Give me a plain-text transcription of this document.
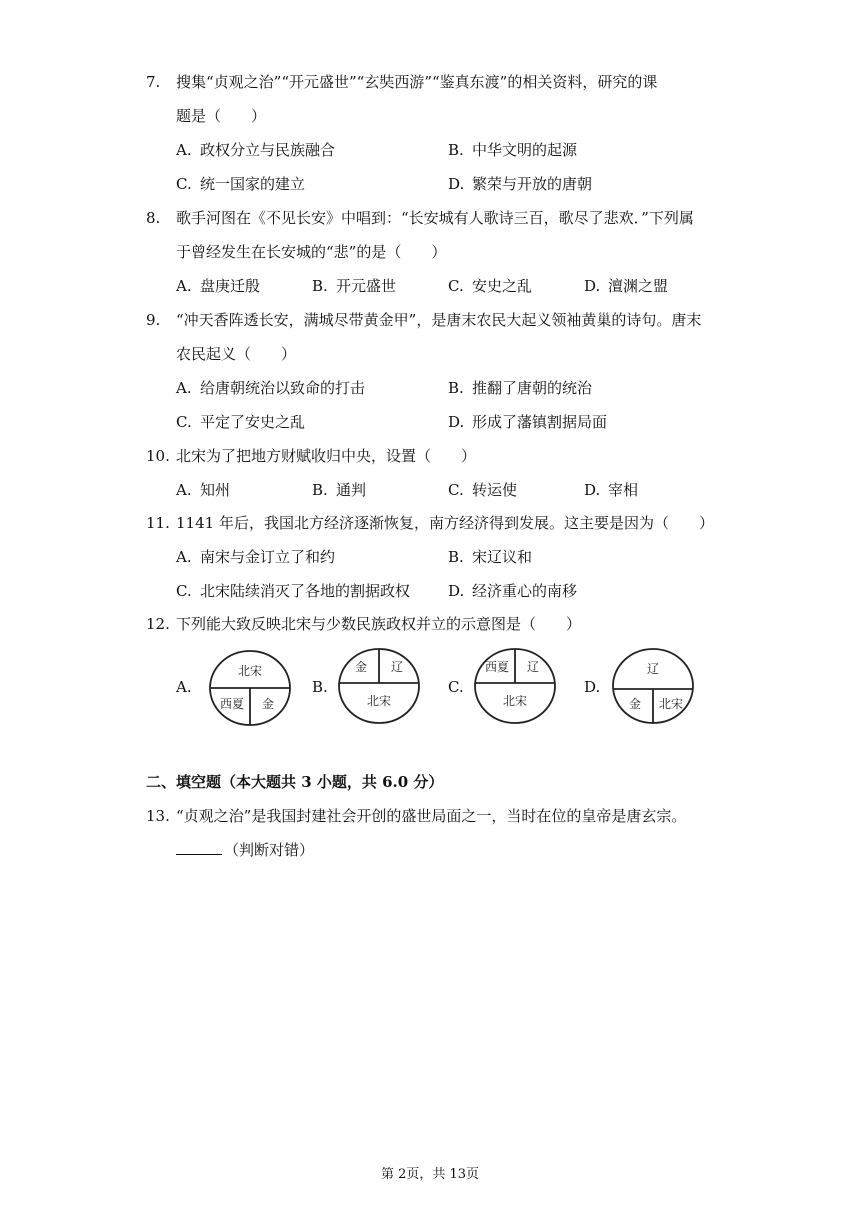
7. 搜集“贞观之治”“开元盛世”“玄奘西游”“鉴真东渡”的相关资料，研究的课
题是（　　）
A. 政权分立与民族融合	B. 中华文明的起源
C. 统一国家的建立	D. 繁荣与开放的唐朝
8. 歌手河图在《不见长安》中唱到：“长安城有人歌诗三百，歌尽了悲欢．”下列属
于曾经发生在长安城的“悲”的是（　　）
A. 盘庚迁殷	B. 开元盛世	C. 安史之乱	D. 澶渊之盟
9. “冲天香阵透长安，满城尽带黄金甲”，是唐末农民大起义领袖黄巢的诗句。唐末
农民起义（　　）
A. 给唐朝统治以致命的打击	B. 推翻了唐朝的统治
C. 平定了安史之乱	D. 形成了藩镇割据局面
10. 北宋为了把地方财赋收归中央，设置（　　）
A. 知州	B. 通判	C. 转运使	D. 宰相
11. 1141 年后，我国北方经济逐渐恢复，南方经济得到发展。这主要是因为（　　）
A. 南宋与金订立了和约	B. 宋辽议和
C. 北宋陆续消灭了各地的割据政权	D. 经济重心的南移
12. 下列能大致反映北宋与少数民族政权并立的示意图是（　　）
A.
北宋
西夏 金
B.
金 辽
北宋
C.
西夏 辽
北宋
D.
辽
金 北宋
二、填空题（本大题共 3 小题，共 6.0 分）
13. “贞观之治”是我国封建社会开创的盛世局面之一，当时在位的皇帝是唐玄宗。
（判断对错）
第 2页，共 13页
